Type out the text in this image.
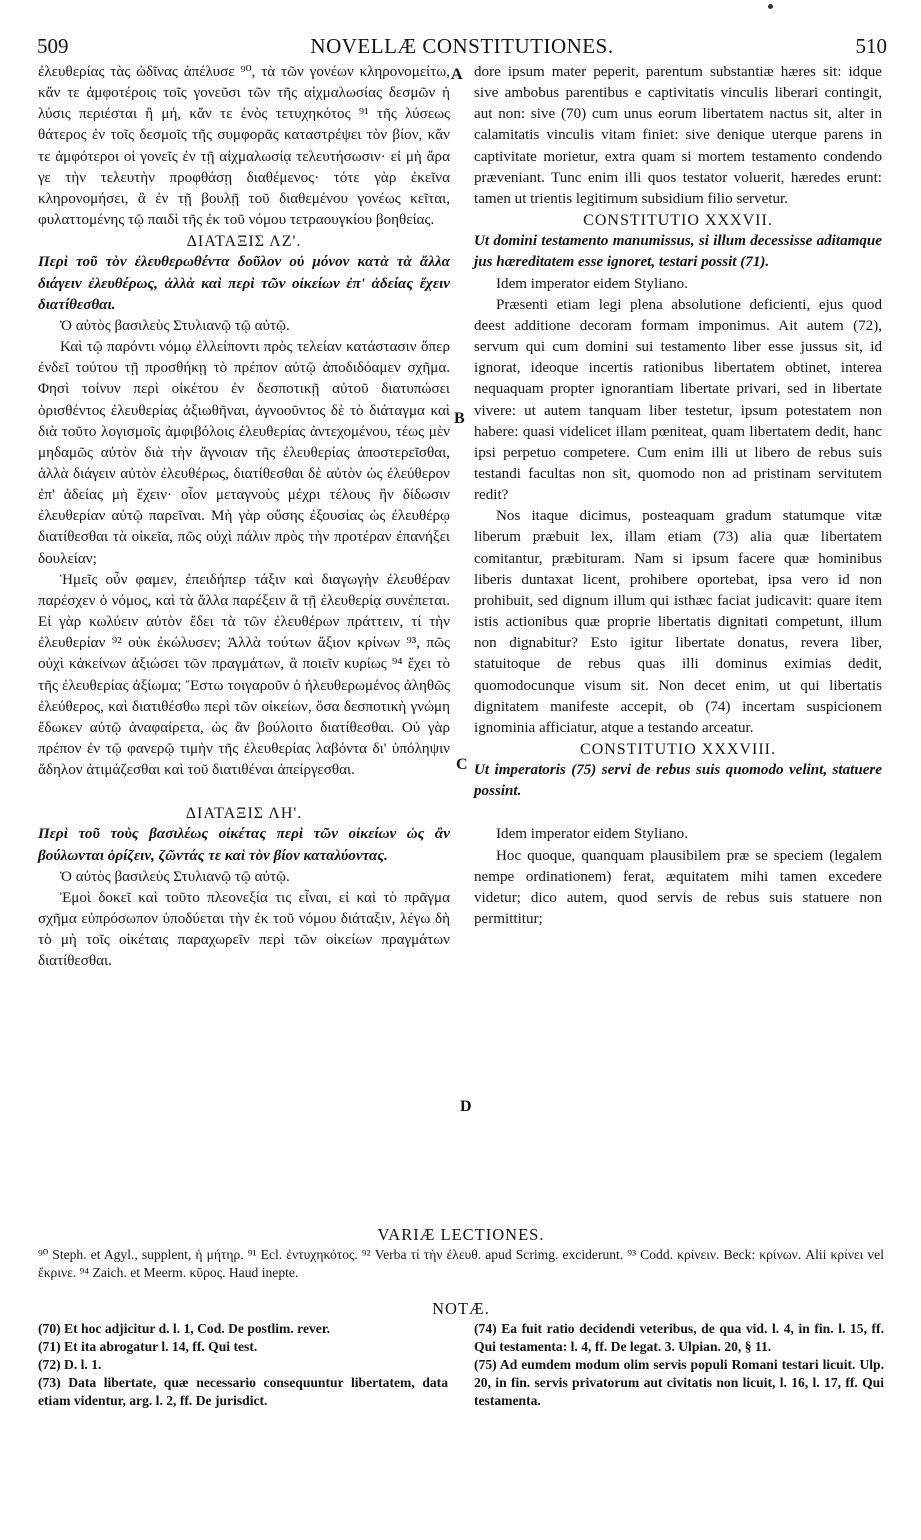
509	NOVELLÆ CONSTITUTIONES.	510
A
B
C
D

ἐλευθερίας τὰς ὠδῖνας ἀπέλυσε ⁹⁰, τὰ τῶν γονέων κληρονομείτω, κἄν τε ἀμφοτέροις τοῖς γονεῦσι τῶν τῆς αἰχμαλωσίας δεσμῶν ἡ λύσις περιέσται ἢ μή, κἄν τε ἑνὸς τετυχηκότος ⁹¹ τῆς λύσεως θάτερος ἐν τοῖς δεσμοῖς τῆς συμφορᾶς καταστρέψει τὸν βίον, κἄν τε ἀμφότεροι οἱ γονεῖς ἐν τῇ αἰχμαλωσίᾳ τελευτήσωσιν· εἰ μὴ ἄρα γε τὴν τελευτὴν προφθάσῃ διαθέμενος· τότε γὰρ ἐκεῖνα κληρονομήσει, ἃ ἐν τῇ βουλῇ τοῦ διαθεμένου γονέως κεῖται, φυλαττομένης τῷ παιδὶ τῆς ἐκ τοῦ νόμου τετραουγκίου βοηθείας.

ΔΙΑΤΑΞΙΣ ΛΖ'.

Περὶ τοῦ τὸν ἐλευθερωθέντα δοῦλον οὐ μόνον κατὰ τὰ ἄλλα διάγειν ἐλευθέρως, ἀλλὰ καὶ περὶ τῶν οἰκείων ἐπ' ἀδείας ἔχειν διατίθεσθαι.

Ὁ αὐτὸς βασιλεὺς Στυλιανῷ τῷ αὐτῷ.

Καὶ τῷ παρόντι νόμῳ ἐλλείποντι πρὸς τελείαν κατάστασιν ὅπερ ἐνδεῖ τούτου τῇ προσθήκῃ τὸ πρέπον αὐτῷ ἀποδιδόαμεν σχῆμα. Φησὶ τοίνυν περὶ οἰκέτου ἐν δεσποτικῇ αὐτοῦ διατυπώσει ὁρισθέντος ἐλευθερίας ἀξιωθῆναι, ἀγνοοῦντος δὲ τὸ διάταγμα καὶ διὰ τοῦτο λογισμοῖς ἀμφιβόλοις ἐλευθερίας ἀντεχομένου, τέως μὲν μηδαμῶς αὐτὸν διὰ τὴν ἄγνοιαν τῆς ἐλευθερίας ἀποστερεῖσθαι, ἀλλὰ διάγειν αὐτὸν ἐλευθέρως, διατίθεσθαι δὲ αὐτὸν ὡς ἐλεύθερον ἐπ' ἀδείας μὴ ἔχειν· οἷον μεταγνοὺς μέχρι τέλους ἣν δίδωσιν ἐλευθερίαν αὐτῷ παρεῖναι. Μὴ γὰρ οὔσης ἐξουσίας ὡς ἐλευθέρῳ διατίθεσθαι τὰ οἰκεῖα, πῶς οὐχὶ πάλιν πρὸς τὴν προτέραν ἐπανήξει δουλείαν;

Ἡμεῖς οὖν φαμεν, ἐπειδήπερ τάξιν καὶ διαγωγὴν ἐλευθέραν παρέσχεν ὁ νόμος, καὶ τὰ ἄλλα παρέξειν ἃ τῇ ἐλευθερίᾳ συνέπεται. Εἰ γὰρ κωλύειν αὐτὸν ἔδει τὰ τῶν ἐλευθέρων πράττειν, τί τὴν ἐλευθερίαν ⁹² οὐκ ἐκώλυσεν; Ἀλλὰ τούτων ἄξιον κρίνων ⁹³, πῶς οὐχὶ κἀκείνων ἀξιώσει τῶν πραγμάτων, ἃ ποιεῖν κυρίως ⁹⁴ ἔχει τὸ τῆς ἐλευθερίας ἀξίωμα; Ἔστω τοιγαροῦν ὁ ἠλευθερωμένος ἀληθῶς ἐλεύθερος, καὶ διατιθέσθω περὶ τῶν οἰκείων, ὅσα δεσποτικὴ γνώμη ἔδωκεν αὐτῷ ἀναφαίρετα, ὡς ἂν βούλοιτο διατίθεσθαι. Οὐ γὰρ πρέπον ἐν τῷ φανερῷ τιμὴν τῆς ἐλευθερίας λαβόντα δι' ὑπόληψιν ἄδηλον ἀτιμάζεσθαι καὶ τοῦ διατιθέναι ἀπείργεσθαι.

ΔΙΑΤΑΞΙΣ ΛΗ'.

Περὶ τοῦ τοὺς βασιλέως οἰκέτας περὶ τῶν οἰκείων ὡς ἂν βούλωνται ὁρίζειν, ζῶντάς τε καὶ τὸν βίον καταλύοντας.

Ὁ αὐτὸς βασιλεὺς Στυλιανῷ τῷ αὐτῷ.

Ἐμοὶ δοκεῖ καὶ τοῦτο πλεονεξία τις εἶναι, εἰ καὶ τὸ πρᾶγμα σχῆμα εὐπρόσωπον ὑποδύεται τὴν ἐκ τοῦ νόμου διάταξιν, λέγω δὴ τὸ μὴ τοῖς οἰκέταις παραχωρεῖν περὶ τῶν οἰκείων πραγμάτων διατίθεσθαι.

dore ipsum mater peperit, parentum substantiæ hæres sit: idque sive ambobus parentibus e captivitatis vinculis liberari contingit, aut non: sive (70) cum unus eorum libertatem nactus sit, alter in calamitatis vinculis vitam finiet: sive denique uterque parens in captivitate morietur, extra quam si mortem testamento condendo præveniant. Tunc enim illi quos testator voluerit, hæredes erunt: tamen ut trientis legitimum subsidium filio servetur.

CONSTITUTIO XXXVII.

Ut domini testamento manumissus, si illum decessisse aditamque jus hæreditatem esse ignoret, testari possit (71).

Idem imperator eidem Styliano.

Præsenti etiam legi plena absolutione deficienti, ejus quod deest additione decoram formam imponimus. Ait autem (72), servum qui cum domini sui testamento liber esse jussus sit, id ignorat, ideoque incertis rationibus libertatem obtinet, interea nequaquam propter ignorantiam libertate privari, sed in libertate vivere: ut autem tanquam liber testetur, ipsum potestatem non habere: quasi videlicet illam pœniteat, quam libertatem dedit, hanc ipsi perpetuo competere. Cum enim illi ut libero de rebus suis testandi facultas non sit, quomodo non ad pristinam servitutem redit?

Nos itaque dicimus, posteaquam gradum statumque vitæ liberum præbuit lex, illam etiam (73) alia quæ libertatem comitantur, præbituram. Nam si ipsum facere quæ hominibus liberis duntaxat licent, prohibere oportebat, ipsa vero id non prohibuit, sed dignum illum qui isthæc faciat judicavit: quare item istis actionibus quæ proprie libertatis dignitati competunt, illum non dignabitur? Esto igitur libertate donatus, revera liber, statuitoque de rebus quas illi dominus eximias dedit, quomodocunque visum sit. Non decet enim, ut qui libertatis dignitatem manifeste accepit, ob (74) incertam suspicionem ignominia afficiatur, atque a testando arceatur.

CONSTITUTIO XXXVIII.

Ut imperatoris (75) servi de rebus suis quomodo velint, statuere possint.

Idem imperator eidem Styliano.

Hoc quoque, quanquam plausibilem præ se speciem (legalem nempe ordinationem) ferat, æquitatem mihi tamen excedere videtur; dico autem, quod servis de rebus suis statuere non permittitur;

VARIÆ LECTIONES.

⁹⁰ Steph. et Agyl., supplent, ἡ μήτηρ. ⁹¹ Ecl. ἐντυχηκότος. ⁹² Verba τί τὴν ἐλευθ. apud Scrimg. exciderunt. ⁹³ Codd. κρίνειν. Beck: κρίνων. Alii κρίνει vel ἔκρινε. ⁹⁴ Zaich. et Meerm. κῦρος. Haud inepte.

NOTÆ.

(70) Et hoc adjicitur d. l. 1, Cod. De postlim. rever.

(71) Et ita abrogatur l. 14, ff. Qui test.

(72) D. l. 1.

(73) Data libertate, quæ necessario consequuntur libertatem, data etiam videntur, arg. l. 2, ff. De jurisdict.

(74) Ea fuit ratio decidendi veteribus, de qua vid. l. 4, in fin. l. 15, ff. Qui testamenta: l. 4, ff. De legat. 3. Ulpian. 20, § 11.

(75) Ad eumdem modum olim servis populi Romani testari licuit. Ulp. 20, in fin. servis privatorum aut civitatis non licuit, l. 16, l. 17, ff. Qui testamenta.
